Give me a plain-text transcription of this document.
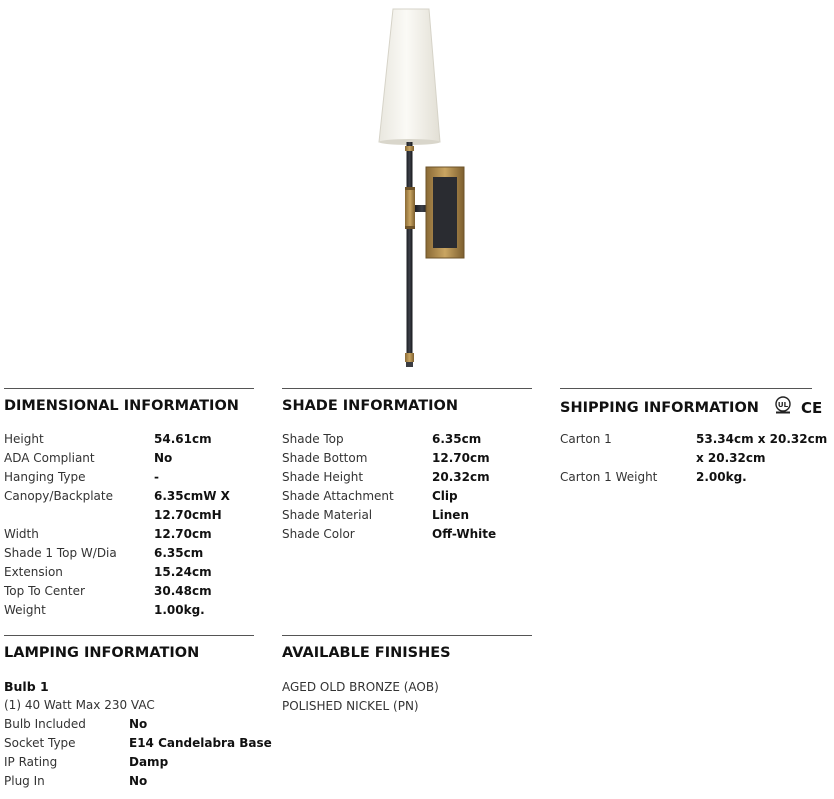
DIMENSIONAL INFORMATION
Height	54.61cm
ADA Compliant	No
Hanging Type	-
Canopy/Backplate	6.35cmW X
12.70cmH
Width	12.70cm
Shade 1 Top W/Dia	6.35cm
Extension	15.24cm
Top To Center	30.48cm
Weight	1.00kg.
SHADE INFORMATION
Shade Top	6.35cm
Shade Bottom	12.70cm
Shade Height	20.32cm
Shade Attachment	Clip
Shade Material	Linen
Shade Color	Off-White
SHIPPING INFORMATION	UL CE
Carton 1	53.34cm x 20.32cm
x 20.32cm
Carton 1 Weight	2.00kg.
LAMPING INFORMATION
Bulb 1
(1) 40 Watt Max 230 VAC
Bulb Included	No
Socket Type	E14 Candelabra Base
IP Rating	Damp
Plug In	No
AVAILABLE FINISHES
AGED OLD BRONZE (AOB)
POLISHED NICKEL (PN)
